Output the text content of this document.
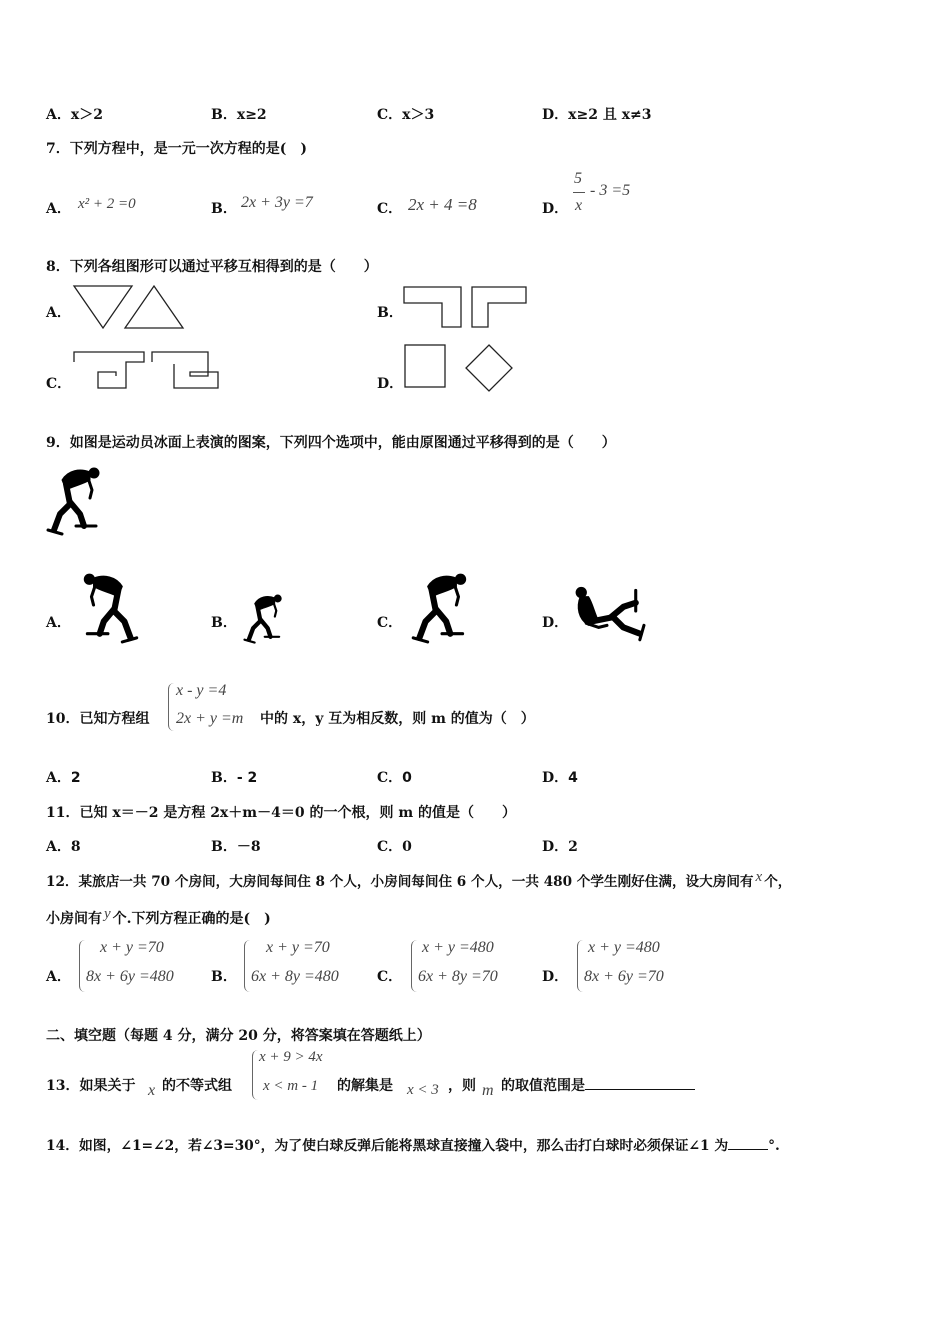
A．x＞2	B．x≥2	C．x＞3	D．x≥2 且 x≠3
7．下列方程中，是一元一次方程的是(　)
A． x² + 2 =0	B． 2x + 3y =7	C． 2x + 4 =8	D．
5
x
- 3 =5
8．下列各组图形可以通过平移互相得到的是（　　）
A．	B．
C．	D．
9．如图是运动员冰面上表演的图案，下列四个选项中，能由原图通过平移得到的是（　　）
A．	B．	C．	D．
10．已知方程组
x - y =4
2x + y =m 中的 x，y 互为相反数，则 m 的值为（　）
A．2	B．- 2	C．0	D．4
11．已知 x＝－2 是方程 2x＋m－4＝0 的一个根，则 m 的值是（　　）
A．8	B．－8	C．0	D．2
12．某旅店一共 70 个房间，大房间每间住 8 个人，小房间每间住 6 个人，一共 480 个学生刚好住满，设大房间有 x 个，
小房间有 y 个.下列方程正确的是(　)
A．
x + y =70
8x + 6y =480	B．
x + y =70
6x + 8y =480	C．
x + y =480
6x + 8y =70	D．
x + y =480
8x + 6y =70
二、填空题（每题 4 分，满分 20 分，将答案填在答题纸上）
13．如果关于 x 的不等式组
x + 9 > 4x
x < m - 1 的解集是 x < 3 ，则 m 的取值范围是
14．如图，∠1=∠2，若∠3=30°，为了使白球反弹后能将黑球直接撞入袋中，那么击打白球时必须保证∠1 为	°.
